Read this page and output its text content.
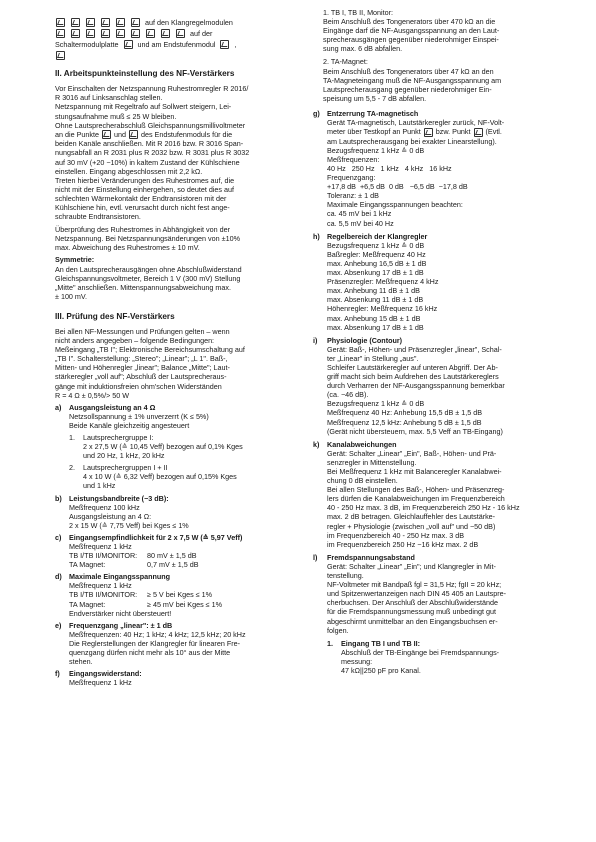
auf den Klangregelmodulen
auf der
Schaltermodulplatte	und am Endstufenmodul	,
II. Arbeitspunkteinstellung des NF-Verstärkers

Vor Einschalten der Netzspannung Ruhestromregler R 2016/

R 3016 auf Linksanschlag stellen.

Netzspannung mit Regeltrafo auf Sollwert steigern, Lei-

stungsaufnahme muß ≤ 25 W bleiben.

Ohne Lautsprecherabschluß Gleichspannungsmillivoltmeter

an die Punkte und des Endstufenmoduls für die

beiden Kanäle anschließen. Mit R 2016 bzw. R 3016 Span-

nungsabfall an R 2031 plus R 2032 bzw. R 3031 plus R 3032

auf 30 mV (+20 −10%) in kaltem Zustand der Kühlschiene

einstellen. Eingang abgeschlossen mit 2,2 kΩ.

Treten hierbei Veränderungen des Ruhestromes auf, die

nicht mit der Einstellung einhergehen, so deutet dies auf

schlechten Wärmekontakt der Endtransistoren mit der

Kühlschiene hin, evtl. verursacht durch nicht fest ange-

schraubte Endtransistoren.

Überprüfung des Ruhestromes in Abhängigkeit von der

Netzspannung. Bei Netzspannungsänderungen von ±10%

max. Abweichung des Ruhestromes ± 10 mV.

Symmetrie:

An den Lautsprecherausgängen ohne Abschlußwiderstand

Gleichspannungsvoltmeter, Bereich 1 V (300 mV) Stellung

„Mitte" anschließen. Mittenspannungsabweichung max.

± 100 mV.

III. Prüfung des NF-Verstärkers

Bei allen NF-Messungen und Prüfungen gelten – wenn

nicht anders angegeben – folgende Bedingungen:

Meßeingang „TB I"; Elektronische Bereichsumschaltung auf

„TB I". Schalterstellung: „Stereo"; „Linear"; „L 1". Baß-,

Mitten- und Höhenregler „linear"; Balance „Mitte"; Laut-

stärkeregler „voll auf"; Abschluß der Lautsprecheraus-

gänge mit induktionsfreien ohm'schen Widerständen

R = 4 Ω ± 0,5%/> 50 W

a)	Ausgangsleistung an 4 Ω

Netzsollspannung ± 1% unverzerrt (K ≤ 5%)

Beide Kanäle gleichzeitig angesteuert

1.	Lautsprechergruppe I:

2 x 27,5 W (≙ 10,45 Veff) bezogen auf 0,1% Kges

und 20 Hz, 1 kHz, 20 kHz

2.	Lautsprechergruppen I + II

4 x 10 W (≙ 6,32 Veff) bezogen auf 0,15% Kges

und 1 kHz

b)	Leistungsbandbreite (−3 dB):

Meßfrequenz 100 kHz

Ausgangsleistung an 4 Ω:

2 x 15 W (≙ 7,75 Veff) bei Kges ≤ 1%

c)	Eingangsempfindlichkeit für 2 x 7,5 W (≙ 5,97 Veff)

Meßfrequenz 1 kHz

TB I/TB II/MONITOR:	80 mV ± 1,5 dB
TA Magnet:	0,7 mV ± 1,5 dB
d)	Maximale Eingangsspannung

Meßfrequenz 1 kHz

TB I/TB II/MONITOR:	≥ 5 V bei Kges ≤ 1%
TA Magnet:	≥ 45 mV bei Kges ≤ 1%

Endverstärker nicht übersteuert!

e)	Frequenzgang „linear": ± 1 dB

Meßfrequenzen: 40 Hz; 1 kHz; 4 kHz; 12,5 kHz; 20 kHz

Die Reglerstellungen der Klangregler für linearen Fre-

quenzgang dürfen nicht mehr als 10° aus der Mitte

stehen.

f)	Eingangswiderstand:

Meßfrequenz 1 kHz

1. TB I, TB II, Monitor:

Beim Anschluß des Tongenerators über 470 kΩ an die

Eingänge darf die NF-Ausgangsspannung an den Laut-

sprecherausgängen gegenüber niederohmiger Einspei-

sung max. 6 dB abfallen.

2. TA-Magnet:

Beim Anschluß des Tongenerators über 47 kΩ an den

TA-Magneteingang muß die NF-Ausgangsspannung am

Lautsprecherausgang gegenüber niederohmiger Ein-

speisung um 5,5 - 7 dB abfallen.

g)	Entzerrung TA-magnetisch

Gerät TA-magnetisch, Lautstärkeregler zurück, NF-Volt-

meter über Testkopf an Punkt bzw. Punkt (Evtl.

am Lautsprecherausgang bei exakter Linearstellung).

Bezugsfrequenz 1 kHz ≙ 0 dB

Meßfrequenzen:

40 Hz   250 Hz   1 kHz   4 kHz   16 kHz

Frequenzgang:

+17,8 dB  +6,5 dB  0 dB   −6,5 dB  −17,8 dB

Toleranz: ± 1 dB

Maximale Eingangsspannungen beachten:

ca. 45 mV bei 1 kHz

ca. 5,5 mV bei 40 Hz

h)	Regelbereich der Klangregler

Bezugsfrequenz 1 kHz ≙ 0 dB

Baßregler: Meßfrequenz 40 Hz

max. Anhebung 16,5 dB ± 1 dB

max. Absenkung 17 dB ± 1 dB

Präsenzregler: Meßfrequenz 4 kHz

max. Anhebung 11 dB ± 1 dB

max. Absenkung 11 dB ± 1 dB

Höhenregler: Meßfrequenz 16 kHz

max. Anhebung 15 dB ± 1 dB

max. Absenkung 17 dB ± 1 dB

i)	Physiologie (Contour)

Gerät: Baß-, Höhen- und Präsenzregler „linear", Schal-

ter „Linear" in Stellung „aus".

Schleifer Lautstärkeregler auf unteren Abgriff. Der Ab-

griff macht sich beim Aufdrehen des Lautstärkereglers

durch Verharren der NF-Ausgangsspannung bemerkbar

(ca. −46 dB).

Bezugsfrequenz 1 kHz ≙ 0 dB

Meßfrequenz 40 Hz: Anhebung 15,5 dB ± 1,5 dB

Meßfrequenz 12,5 kHz: Anhebung 5 dB ± 1,5 dB

(Gerät nicht übersteuern, max. 5,5 Veff an TB-Eingang)

k)	Kanalabweichungen

Gerät: Schalter „Linear" „Ein", Baß-, Höhen- und Prä-

senzregler in Mittenstellung.

Bei Meßfrequenz 1 kHz mit Balanceregler Kanalabwei-

chung 0 dB einstellen.

Bei allen Stellungen des Baß-, Höhen- und Präsenzreg-

lers dürfen die Kanalabweichungen im Frequenzbereich

40 - 250 Hz max. 3 dB, im Frequenzbereich 250 Hz - 16 kHz

max. 2 dB betragen. Gleichlauffehler des Lautstärke-

regler + Physiologie (zwischen „voll auf" und −50 dB)

im Frequenzbereich 40 - 250 Hz max. 3 dB

im Frequenzbereich 250 Hz −16 kHz max. 2 dB

l)	Fremdspannungsabstand

Gerät: Schalter „Linear" „Ein"; und Klangregler in Mit-

tenstellung.

NF-Voltmeter mit Bandpaß fgl = 31,5 Hz; fgII = 20 kHz;

und Spitzenwertanzeigen nach DIN 45 405 an Lautspre-

cherbuchsen. Der Anschluß der Abschlußwiderstände

für die Fremdspannungsmessung muß unbedingt gut

abgeschirmt unmittelbar an den Eingangsbuchsen er-

folgen.

1.	Eingang TB I und TB II:

Abschluß der TB-Eingänge bei Fremdspannungs-

messung:

47 kΩ||250 pF pro Kanal.
